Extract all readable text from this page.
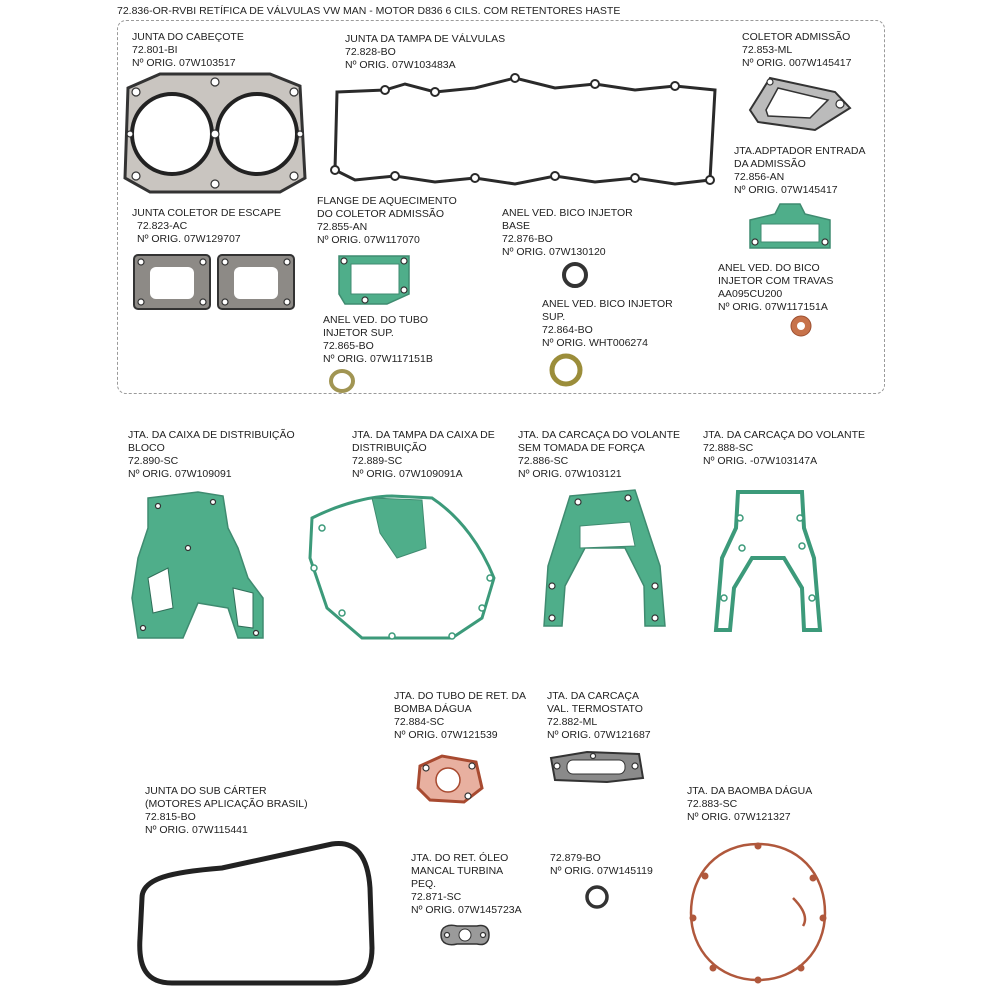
72.836-OR-RVBI RETÍFICA DE VÁLVULAS VW MAN - MOTOR D836 6 CILS. COM RETENTORES HASTE
JUNTA DO CABEÇOTE
72.801-BI
Nº ORIG. 07W103517
JUNTA DA TAMPA DE VÁLVULAS
72.828-BO
Nº ORIG. 07W103483A
COLETOR ADMISSÃO
72.853-ML
Nº ORIG. 007W145417
JTA.ADPTADOR ENTRADA
DA ADMISSÃO
72.856-AN
Nº ORIG. 07W145417
JUNTA COLETOR DE ESCAPE
72.823-AC
Nº ORIG. 07W129707
FLANGE DE AQUECIMENTO
DO COLETOR ADMISSÃO
72.855-AN
Nº ORIG. 07W117070
ANEL VED. BICO INJETOR
BASE
72.876-BO
Nº ORIG. 07W130120
ANEL VED. DO BICO
INJETOR COM TRAVAS
AA095CU200
Nº ORIG. 07W117151A
ANEL VED. BICO INJETOR
SUP.
72.864-BO
Nº ORIG. WHT006274
ANEL VED. DO TUBO
INJETOR SUP.
72.865-BO
Nº ORIG. 07W117151B
JTA. DA CAIXA DE DISTRIBUIÇÃO
BLOCO
72.890-SC
Nº ORIG. 07W109091
JTA. DA TAMPA DA CAIXA DE
DISTRIBUIÇÃO
72.889-SC
Nº ORIG. 07W109091A
JTA. DA CARCAÇA DO VOLANTE
SEM TOMADA DE FORÇA
72.886-SC
Nº ORIG. 07W103121
JTA. DA CARCAÇA DO VOLANTE
72.888-SC
Nº ORIG. -07W103147A
JTA. DO TUBO DE RET. DA
BOMBA DÁGUA
72.884-SC
Nº ORIG. 07W121539
JTA. DA CARCAÇA
VAL. TERMOSTATO
72.882-ML
Nº ORIG. 07W121687
JUNTA DO SUB CÁRTER
(MOTORES APLICAÇÃO BRASIL)
72.815-BO
Nº ORIG. 07W115441
JTA. DA BAOMBA DÁGUA
72.883-SC
Nº ORIG. 07W121327
JTA. DO RET. ÓLEO
MANCAL TURBINA
PEQ.
72.871-SC
Nº ORIG. 07W145723A
72.879-BO
Nº ORIG. 07W145119
